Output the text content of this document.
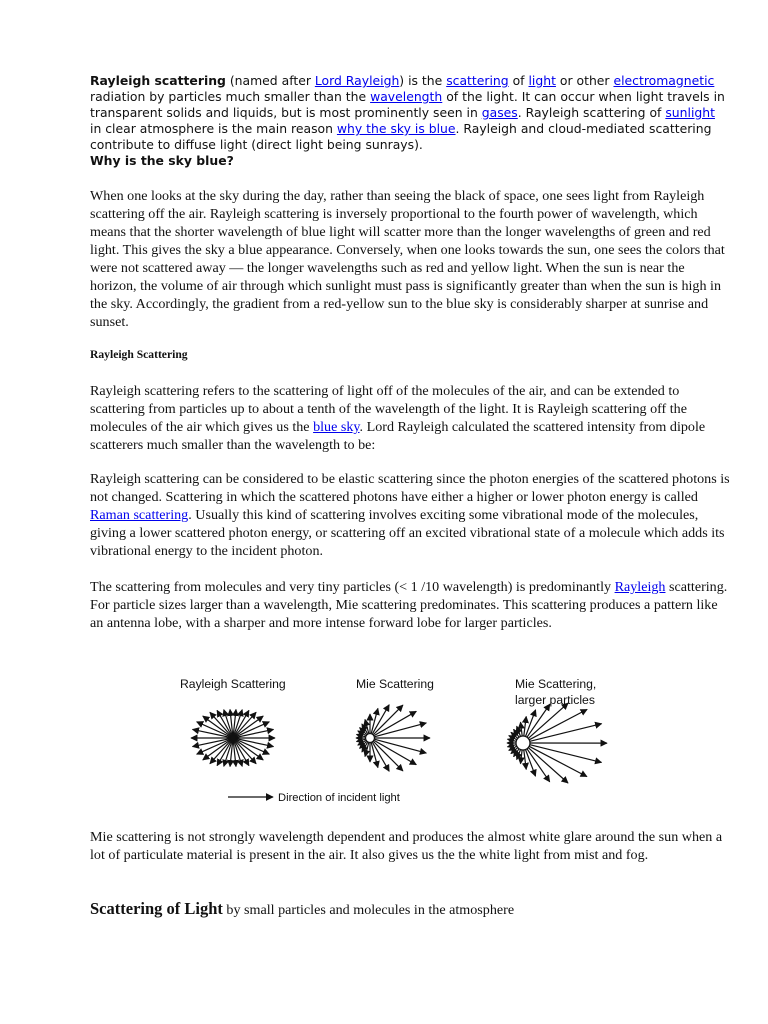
Rayleigh scattering (named after Lord Rayleigh) is the scattering of light or other electromagnetic radiation by particles much smaller than the wavelength of the light. It can occur when light travels in transparent solids and liquids, but is most prominently seen in gases. Rayleigh scattering of sunlight in clear atmosphere is the main reason why the sky is blue. Rayleigh and cloud-mediated scattering contribute to diffuse light (direct light being sunrays).
Why is the sky blue?
When one looks at the sky during the day, rather than seeing the black of space, one sees light from Rayleigh scattering off the air. Rayleigh scattering is inversely proportional to the fourth power of wavelength, which means that the shorter wavelength of blue light will scatter more than the longer wavelengths of green and red light. This gives the sky a blue appearance. Conversely, when one looks towards the sun, one sees the colors that were not scattered away — the longer wavelengths such as red and yellow light. When the sun is near the horizon, the volume of air through which sunlight must pass is significantly greater than when the sun is high in the sky. Accordingly, the gradient from a red-yellow sun to the blue sky is considerably sharper at sunrise and sunset.
Rayleigh Scattering
Rayleigh scattering refers to the scattering of light off of the molecules of the air, and can be extended to scattering from particles up to about a tenth of the wavelength of the light. It is Rayleigh scattering off the molecules of the air which gives us the blue sky. Lord Rayleigh calculated the scattered intensity from dipole scatterers much smaller than the wavelength to be:
Rayleigh scattering can be considered to be elastic scattering since the photon energies of the scattered photons is not changed. Scattering in which the scattered photons have either a higher or lower photon energy is called Raman scattering. Usually this kind of scattering involves exciting some vibrational mode of the molecules, giving a lower scattered photon energy, or scattering off an excited vibrational state of a molecule which adds its vibrational energy to the incident photon.
The scattering from molecules and very tiny particles (< 1 /10 wavelength) is predominantly Rayleigh scattering. For particle sizes larger than a wavelength, Mie scattering predominates. This scattering produces a pattern like an antenna lobe, with a sharper and more intense forward lobe for larger particles.
Rayleigh Scattering	Mie Scattering	Mie Scattering,
larger particles
Direction of incident light
Mie scattering is not strongly wavelength dependent and produces the almost white glare around the sun when a lot of particulate material is present in the air. It also gives us the the white light from mist and fog.
Scattering of Light by small particles and molecules in the atmosphere
